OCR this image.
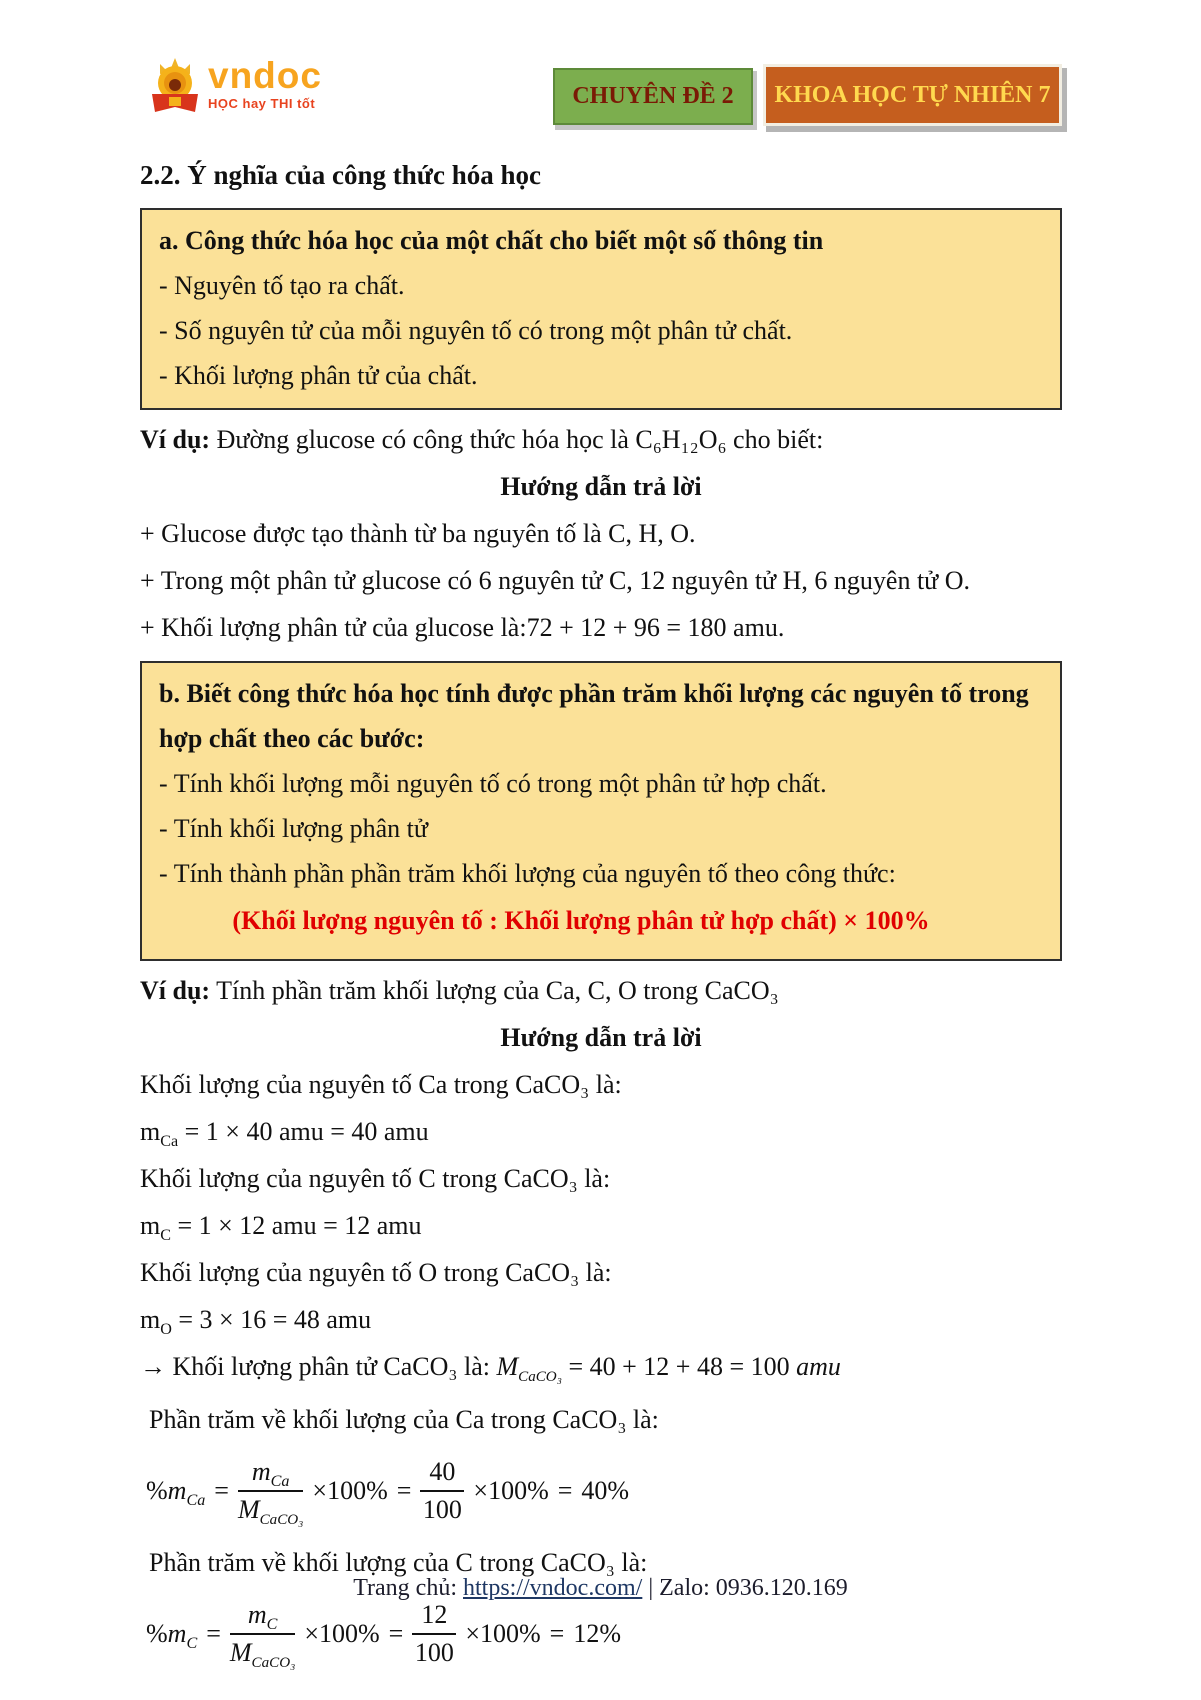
vndoc
HỌC hay THI tốt	CHUYÊN ĐỀ 2	KHOA HỌC TỰ NHIÊN 7
2.2. Ý nghĩa của công thức hóa học
a. Công thức hóa học của một chất cho biết một số thông tin
- Nguyên tố tạo ra chất.
- Số nguyên tử của mỗi nguyên tố có trong một phân tử chất.
- Khối lượng phân tử của chất.

Ví dụ: Đường glucose có công thức hóa học là C₆H₁₂O₆ cho biết:

Hướng dẫn trả lời

+ Glucose được tạo thành từ ba nguyên tố là C, H, O.

+ Trong một phân tử glucose có 6 nguyên tử C, 12 nguyên tử H, 6 nguyên tử O.

+ Khối lượng phân tử của glucose là:72 + 12 + 96 = 180 amu.

b. Biết công thức hóa học tính được phần trăm khối lượng các nguyên tố trong hợp chất theo các bước:
- Tính khối lượng mỗi nguyên tố có trong một phân tử hợp chất.
- Tính khối lượng phân tử
- Tính thành phần phần trăm khối lượng của nguyên tố theo công thức:
(Khối lượng nguyên tố : Khối lượng phân tử hợp chất) × 100%

Ví dụ: Tính phần trăm khối lượng của Ca, C, O trong CaCO₃

Hướng dẫn trả lời

Khối lượng của nguyên tố Ca trong CaCO₃ là:

$m_{Ca} = 1 \times 40$ amu = 40 amu

Khối lượng của nguyên tố C trong CaCO₃ là:

$m_C = 1 \times 12$ amu = 12 amu

Khối lượng của nguyên tố O trong CaCO₃ là:

$m_O = 3 \times 16 = 48$ amu

→ Khối lượng phân tử CaCO₃ là: $M_{CaCO_3} = 40 + 12 + 48 = 100$ amu

Phần trăm về khối lượng của Ca trong CaCO₃ là:

$\%m_{Ca} = \frac{m_{Ca}}{M_{CaCO_3}} \times 100\% = \frac{40}{100} \times 100\% = 40\%$

Phần trăm về khối lượng của C trong CaCO₃ là:

$\%m_C = \frac{m_C}{M_{CaCO_3}} \times 100\% = \frac{12}{100} \times 100\% = 12\%$
Trang chủ: https://vndoc.com/ | Zalo: 0936.120.169
